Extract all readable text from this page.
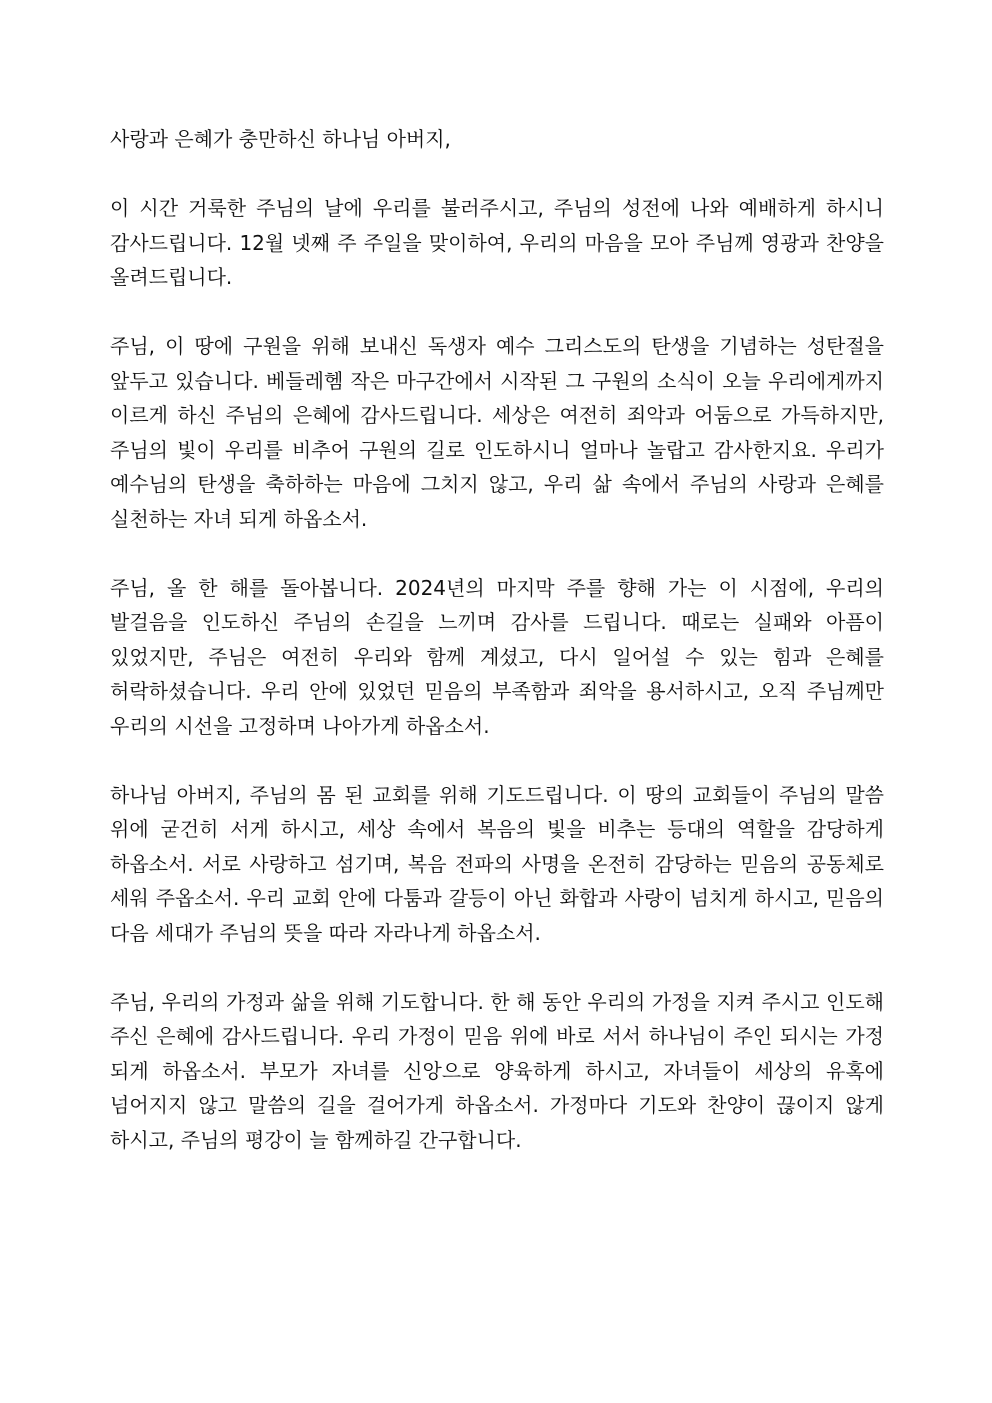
사랑과 은혜가 충만하신 하나님 아버지,

이 시간 거룩한 주님의 날에 우리를 불러주시고, 주님의 성전에 나와 예배하게 하시니 감사드립니다. 12월 넷째 주 주일을 맞이하여, 우리의 마음을 모아 주님께 영광과 찬양을 올려드립니다.

주님, 이 땅에 구원을 위해 보내신 독생자 예수 그리스도의 탄생을 기념하는 성탄절을 앞두고 있습니다. 베들레헴 작은 마구간에서 시작된 그 구원의 소식이 오늘 우리에게까지 이르게 하신 주님의 은혜에 감사드립니다. 세상은 여전히 죄악과 어둠으로 가득하지만, 주님의 빛이 우리를 비추어 구원의 길로 인도하시니 얼마나 놀랍고 감사한지요. 우리가 예수님의 탄생을 축하하는 마음에 그치지 않고, 우리 삶 속에서 주님의 사랑과 은혜를 실천하는 자녀 되게 하옵소서.

주님, 올 한 해를 돌아봅니다. 2024년의 마지막 주를 향해 가는 이 시점에, 우리의 발걸음을 인도하신 주님의 손길을 느끼며 감사를 드립니다. 때로는 실패와 아픔이 있었지만, 주님은 여전히 우리와 함께 계셨고, 다시 일어설 수 있는 힘과 은혜를 허락하셨습니다. 우리 안에 있었던 믿음의 부족함과 죄악을 용서하시고, 오직 주님께만 우리의 시선을 고정하며 나아가게 하옵소서.

하나님 아버지, 주님의 몸 된 교회를 위해 기도드립니다. 이 땅의 교회들이 주님의 말씀 위에 굳건히 서게 하시고, 세상 속에서 복음의 빛을 비추는 등대의 역할을 감당하게 하옵소서. 서로 사랑하고 섬기며, 복음 전파의 사명을 온전히 감당하는 믿음의 공동체로 세워 주옵소서. 우리 교회 안에 다툼과 갈등이 아닌 화합과 사랑이 넘치게 하시고, 믿음의 다음 세대가 주님의 뜻을 따라 자라나게 하옵소서.

주님, 우리의 가정과 삶을 위해 기도합니다. 한 해 동안 우리의 가정을 지켜 주시고 인도해 주신 은혜에 감사드립니다. 우리 가정이 믿음 위에 바로 서서 하나님이 주인 되시는 가정 되게 하옵소서. 부모가 자녀를 신앙으로 양육하게 하시고, 자녀들이 세상의 유혹에 넘어지지 않고 말씀의 길을 걸어가게 하옵소서. 가정마다 기도와 찬양이 끊이지 않게 하시고, 주님의 평강이 늘 함께하길 간구합니다.
